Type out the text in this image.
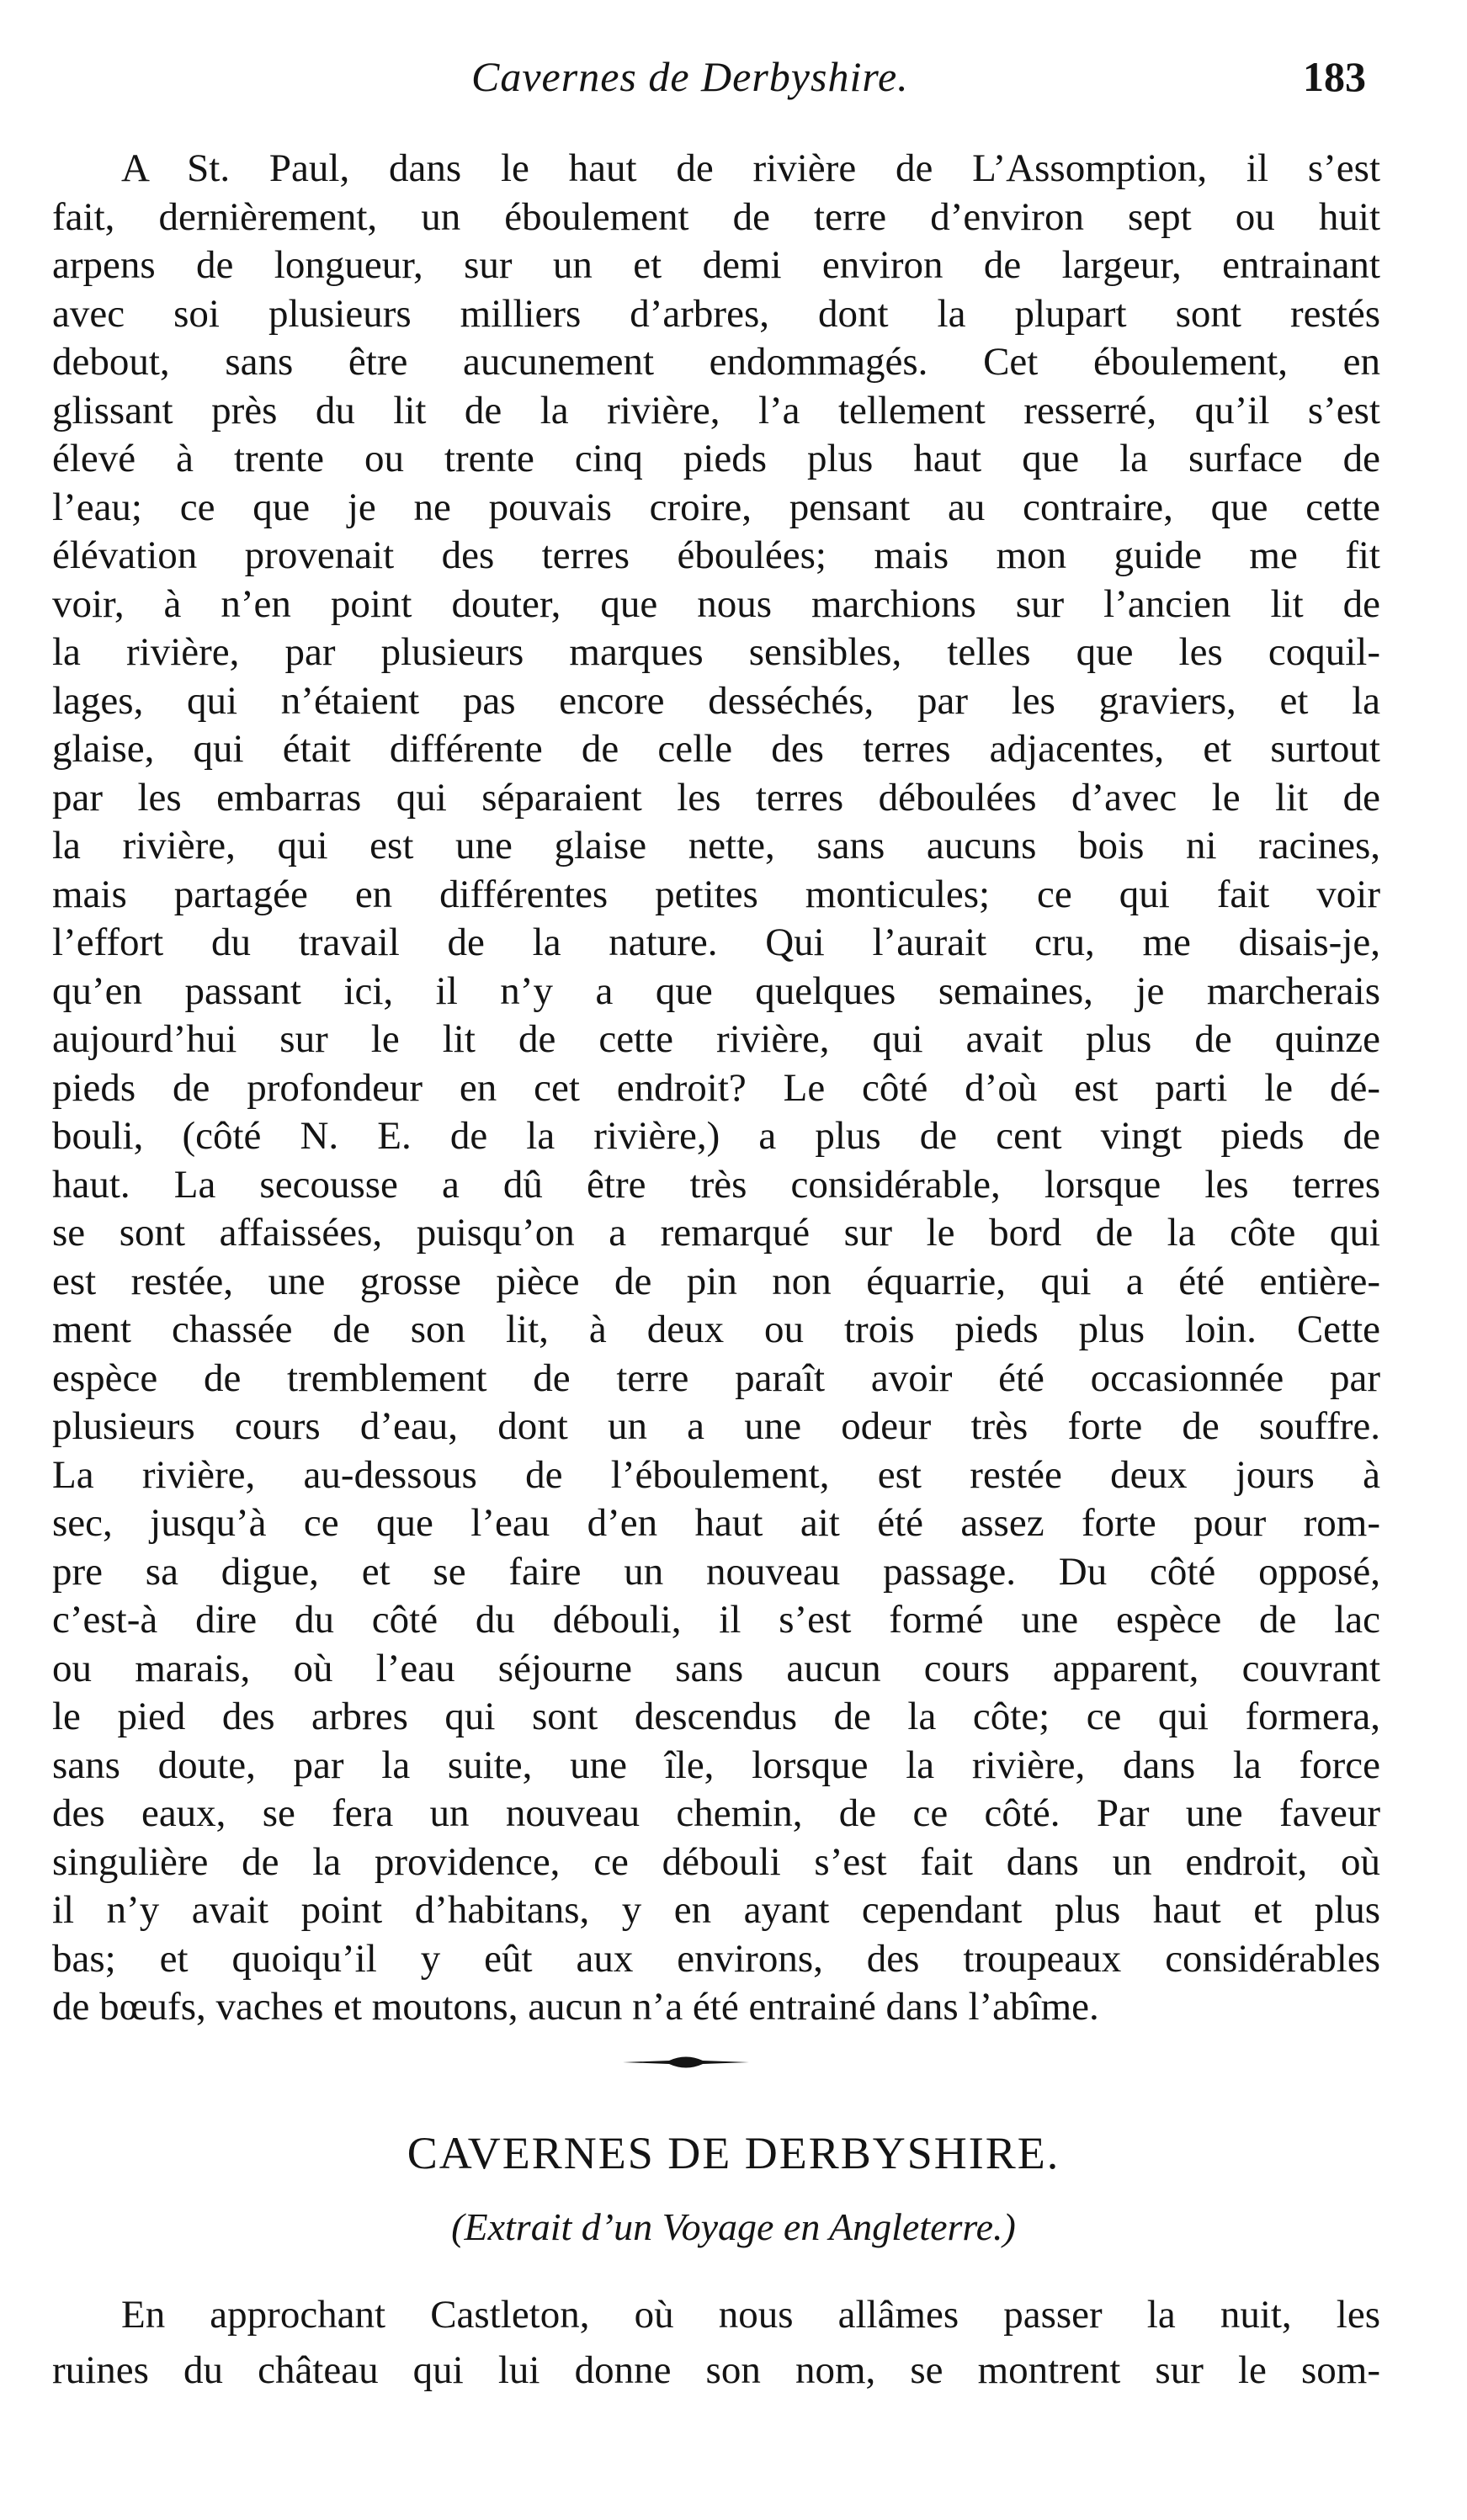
Cavernes de Derbyshire.	183
A St. Paul, dans le haut de rivière de L’Assomption, il s’est
fait, dernièrement, un éboulement de terre d’environ sept ou huit
arpens de longueur, sur un et demi environ de largeur, entrainant
avec soi plusieurs milliers d’arbres, dont la plupart sont restés
debout, sans être aucunement endommagés. Cet éboulement, en
glissant près du lit de la rivière, l’a tellement resserré, qu’il s’est
élevé à trente ou trente cinq pieds plus haut que la surface de
l’eau; ce que je ne pouvais croire, pensant au contraire, que cette
élévation provenait des terres éboulées; mais mon guide me fit
voir, à n’en point douter, que nous marchions sur l’ancien lit de
la rivière, par plusieurs marques sensibles, telles que les coquil-
lages, qui n’étaient pas encore desséchés, par les graviers, et la
glaise, qui était différente de celle des terres adjacentes, et surtout
par les embarras qui séparaient les terres déboulées d’avec le lit de
la rivière, qui est une glaise nette, sans aucuns bois ni racines,
mais partagée en différentes petites monticules; ce qui fait voir
l’effort du travail de la nature. Qui l’aurait cru, me disais-je,
qu’en passant ici, il n’y a que quelques semaines, je marcherais
aujourd’hui sur le lit de cette rivière, qui avait plus de quinze
pieds de profondeur en cet endroit? Le côté d’où est parti le dé-
bouli, (côté N. E. de la rivière,) a plus de cent vingt pieds de
haut. La secousse a dû être très considérable, lorsque les terres
se sont affaissées, puisqu’on a remarqué sur le bord de la côte qui
est restée, une grosse pièce de pin non équarrie, qui a été entière-
ment chassée de son lit, à deux ou trois pieds plus loin. Cette
espèce de tremblement de terre paraît avoir été occasionnée par
plusieurs cours d’eau, dont un a une odeur très forte de souffre.
La rivière, au-dessous de l’éboulement, est restée deux jours à
sec, jusqu’à ce que l’eau d’en haut ait été assez forte pour rom-
pre sa digue, et se faire un nouveau passage. Du côté opposé,
c’est-à dire du côté du débouli, il s’est formé une espèce de lac
ou marais, où l’eau séjourne sans aucun cours apparent, couvrant
le pied des arbres qui sont descendus de la côte; ce qui formera,
sans doute, par la suite, une île, lorsque la rivière, dans la force
des eaux, se fera un nouveau chemin, de ce côté. Par une faveur
singulière de la providence, ce débouli s’est fait dans un endroit, où
il n’y avait point d’habitans, y en ayant cependant plus haut et plus
bas; et quoiqu’il y eût aux environs, des troupeaux considérables
de bœufs, vaches et moutons, aucun n’a été entrainé dans l’abîme.
CAVERNES DE DERBYSHIRE.
(Extrait d’un Voyage en Angleterre.)
En approchant Castleton, où nous allâmes passer la nuit, les
ruines du château qui lui donne son nom, se montrent sur le som-
